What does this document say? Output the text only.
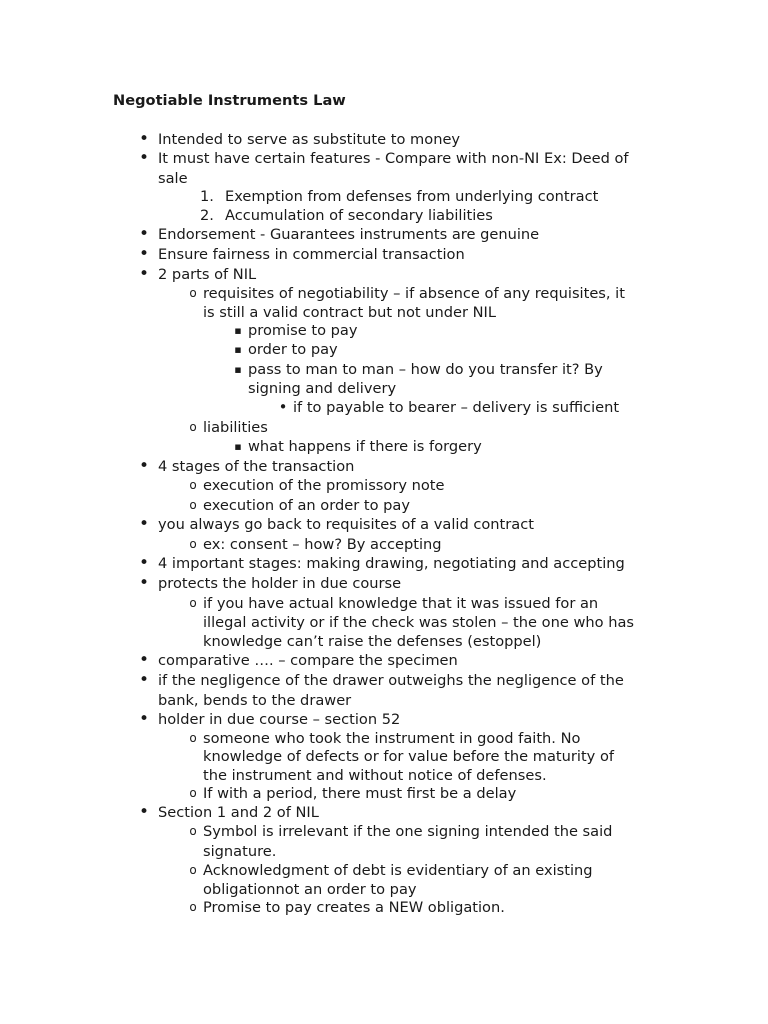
Negotiable Instruments Law
• Intended to serve as substitute to money
• It must have certain features - Compare with non-NI Ex: Deed of
sale
1. Exemption from defenses from underlying contract
2. Accumulation of secondary liabilities
• Endorsement - Guarantees instruments are genuine
• Ensure fairness in commercial transaction
• 2 parts of NIL
o requisites of negotiability – if absence of any requisites, it
is still a valid contract but not under NIL
▪ promise to pay
▪ order to pay
▪ pass to man to man – how do you transfer it? By
signing and delivery
• if to payable to bearer – delivery is sufficient
o liabilities
▪ what happens if there is forgery
• 4 stages of the transaction
o execution of the promissory note
o execution of an order to pay
• you always go back to requisites of a valid contract
o ex: consent – how? By accepting
• 4 important stages: making drawing, negotiating and accepting
• protects the holder in due course
o if you have actual knowledge that it was issued for an
illegal activity or if the check was stolen – the one who has
knowledge can’t raise the defenses (estoppel)
• comparative …. – compare the specimen
• if the negligence of the drawer outweighs the negligence of the
bank, bends to the drawer
• holder in due course – section 52
o someone who took the instrument in good faith. No
knowledge of defects or for value before the maturity of
the instrument and without notice of defenses.
o If with a period, there must first be a delay
• Section 1 and 2 of NIL
o Symbol is irrelevant if the one signing intended the said
signature.
o Acknowledgment of debt is evidentiary of an existing
obligationnot an order to pay
o Promise to pay creates a NEW obligation.
